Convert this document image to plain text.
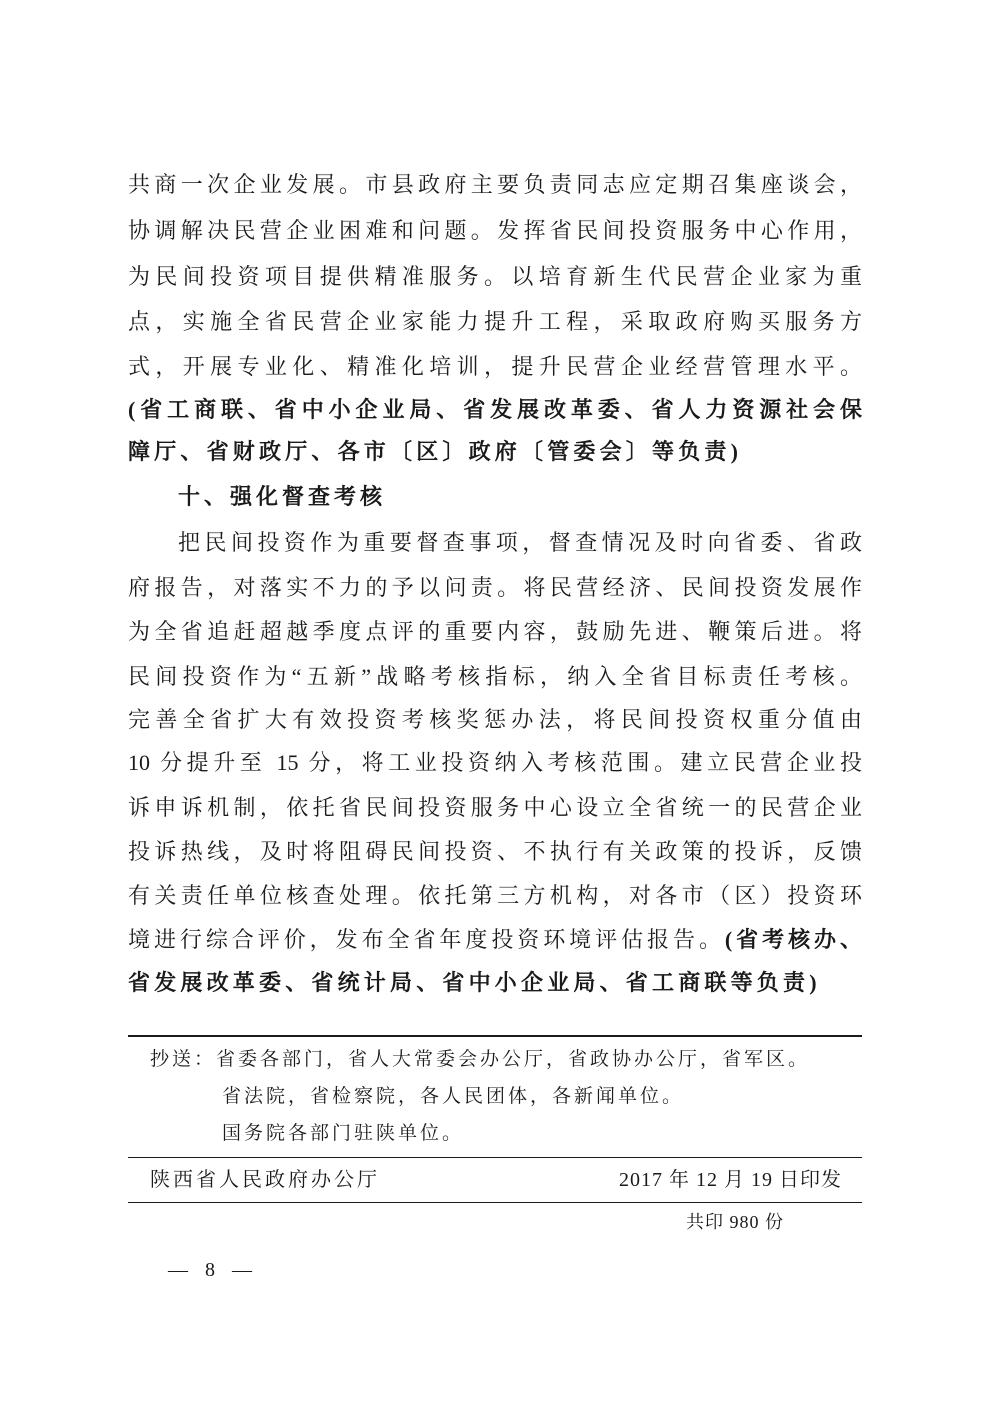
共商一次企业发展。市县政府主要负责同志应定期召集座谈会，
协调解决民营企业困难和问题。发挥省民间投资服务中心作用，
为民间投资项目提供精准服务。以培育新生代民营企业家为重
点，实施全省民营企业家能力提升工程，采取政府购买服务方
式，开展专业化、精准化培训，提升民营企业经营管理水平。
(省工商联、省中小企业局、省发展改革委、省人力资源社会保
障厅、省财政厅、各市〔区〕政府〔管委会〕等负责)
十、强化督查考核
把民间投资作为重要督查事项，督查情况及时向省委、省政
府报告，对落实不力的予以问责。将民营经济、民间投资发展作
为全省追赶超越季度点评的重要内容，鼓励先进、鞭策后进。将
民间投资作为“五新”战略考核指标，纳入全省目标责任考核。
完善全省扩大有效投资考核奖惩办法，将民间投资权重分值由
10 分提升至 15 分，将工业投资纳入考核范围。建立民营企业投
诉申诉机制，依托省民间投资服务中心设立全省统一的民营企业
投诉热线，及时将阻碍民间投资、不执行有关政策的投诉，反馈
有关责任单位核查处理。依托第三方机构，对各市（区）投资环
境进行综合评价，发布全省年度投资环境评估报告。(省考核办、
省发展改革委、省统计局、省中小企业局、省工商联等负责)
抄送：省委各部门，省人大常委会办公厅，省政协办公厅，省军区。
省法院，省检察院，各人民团体，各新闻单位。
国务院各部门驻陕单位。
陕西省人民政府办公厅	2017 年 12 月 19 日印发
共印 980 份
— 8 —
